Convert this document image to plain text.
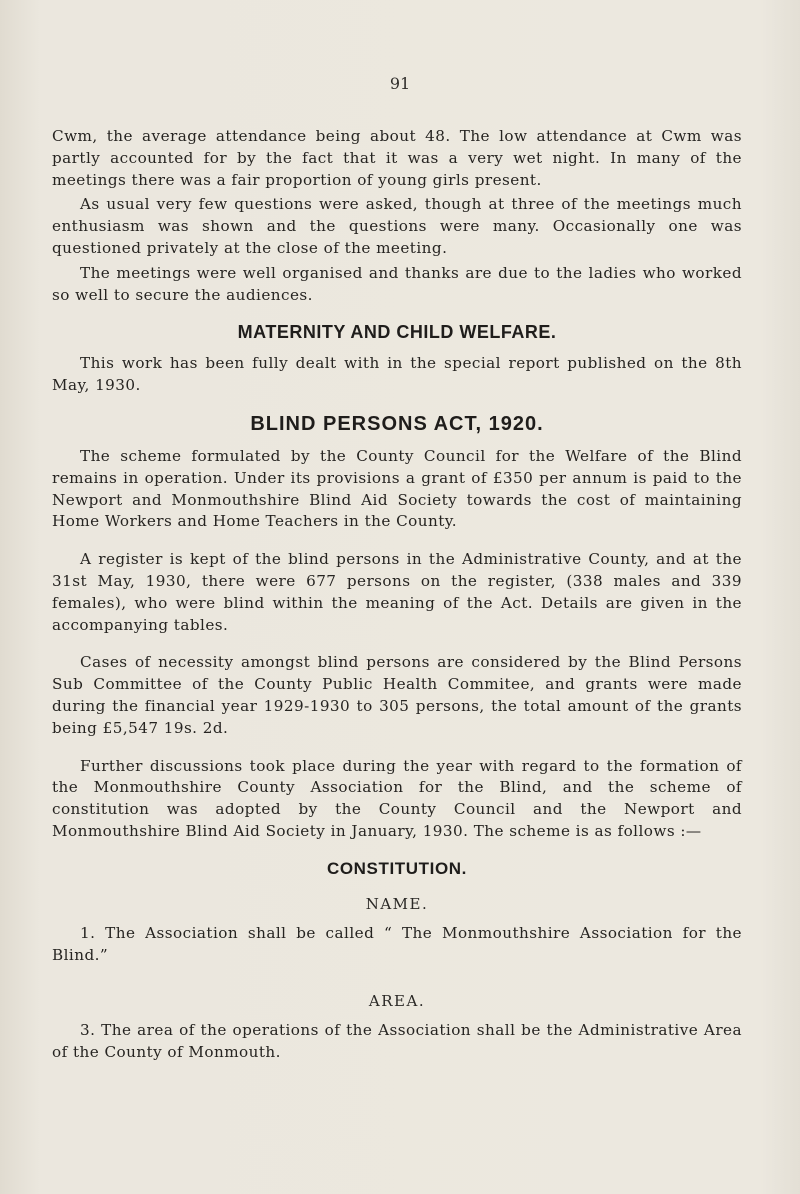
91

Cwm, the average attendance being about 48. The low attendance at Cwm was partly accounted for by the fact that it was a very wet night. In many of the meetings there was a fair proportion of young girls present.

As usual very few questions were asked, though at three of the meetings much enthusiasm was shown and the questions were many. Occasionally one was questioned privately at the close of the meeting.

The meetings were well organised and thanks are due to the ladies who worked so well to secure the audiences.

MATERNITY AND CHILD WELFARE.

This work has been fully dealt with in the special report published on the 8th May, 1930.

BLIND PERSONS ACT, 1920.

The scheme formulated by the County Council for the Welfare of the Blind remains in operation. Under its provisions a grant of £350 per annum is paid to the Newport and Monmouthshire Blind Aid Society towards the cost of maintaining Home Workers and Home Teachers in the County.

A register is kept of the blind persons in the Administrative County, and at the 31st May, 1930, there were 677 persons on the register, (338 males and 339 females), who were blind within the meaning of the Act. Details are given in the accompanying tables.

Cases of necessity amongst blind persons are considered by the Blind Persons Sub Committee of the County Public Health Commitee, and grants were made during the financial year 1929-1930 to 305 persons, the total amount of the grants being £5,547 19s. 2d.

Further discussions took place during the year with regard to the formation of the Monmouthshire County Association for the Blind, and the scheme of constitution was adopted by the County Council and the Newport and Monmouthshire Blind Aid Society in January, 1930. The scheme is as follows :—

CONSTITUTION.
NAME.

1. The Association shall be called “ The Monmouthshire Association for the Blind.”

AREA.

3. The area of the operations of the Association shall be the Administrative Area of the County of Monmouth.
